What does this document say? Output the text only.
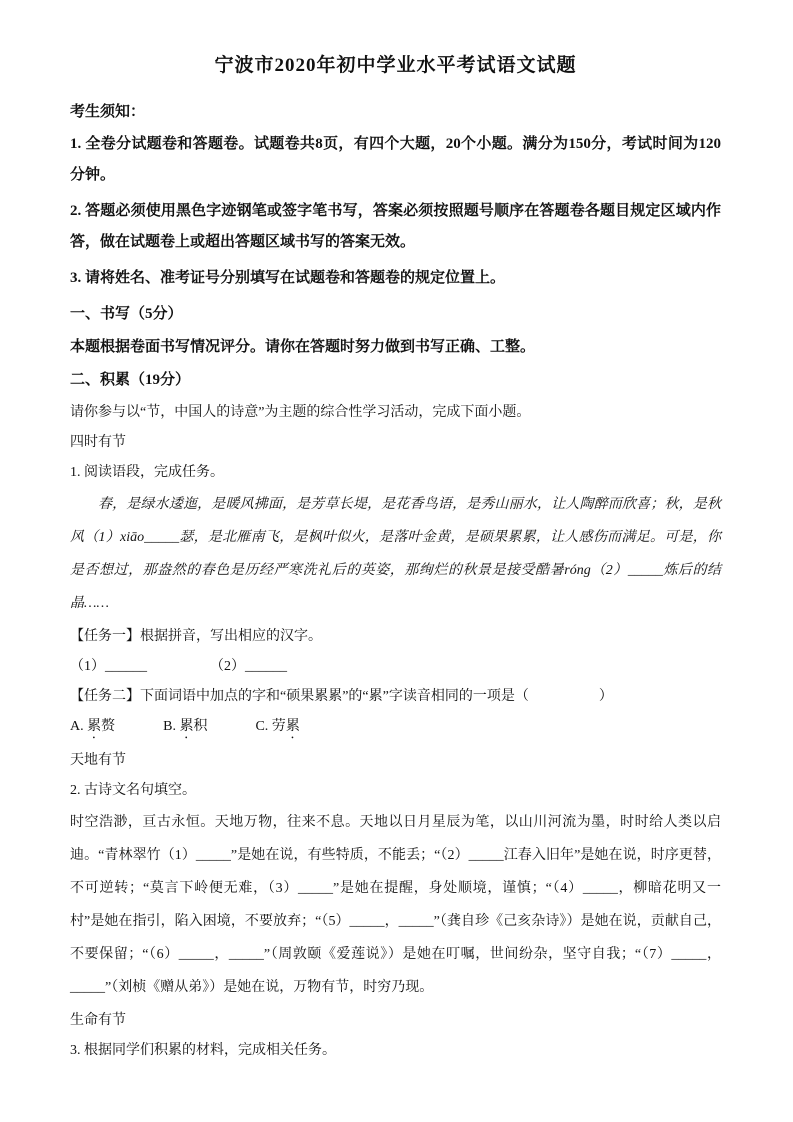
宁波市2020年初中学业水平考试语文试题

考生须知：

1. 全卷分试题卷和答题卷。试题卷共8页，有四个大题，20个小题。满分为150分，考试时间为120分钟。

2. 答题必须使用黑色字迹钢笔或签字笔书写，答案必须按照题号顺序在答题卷各题目规定区域内作答，做在试题卷上或超出答题区域书写的答案无效。

3. 请将姓名、准考证号分别填写在试题卷和答题卷的规定位置上。

一、书写（5分）

本题根据卷面书写情况评分。请你在答题时努力做到书写正确、工整。

二、积累（19分）

请你参与以“节，中国人的诗意”为主题的综合性学习活动，完成下面小题。

四时有节

1. 阅读语段，完成任务。

春，是绿水逶迤，是暖风拂面，是芳草长堤，是花香鸟语，是秀山丽水，让人陶醉而欣喜；秋，是秋风（1）xiāo_____瑟，是北雁南飞，是枫叶似火，是落叶金黄，是硕果累累，让人感伤而满足。可是，你是否想过，那盎然的春色是历经严寒洗礼后的英姿，那绚烂的秋景是接受酷暑róng（2）_____炼后的结晶……

【任务一】根据拼音，写出相应的汉字。

（1）______　　　　　（2）______

【任务二】下面词语中加点的字和“硕果累累”的“累”字读音相同的一项是（　　　　　）

A. 累赘	B. 累积	C. 劳累

天地有节

2. 古诗文名句填空。

时空浩渺，亘古永恒。天地万物，往来不息。天地以日月星辰为笔，以山川河流为墨，时时给人类以启迪。“青林翠竹（1）_____”是她在说，有些特质，不能丢；“（2）_____江春入旧年”是她在说，时序更替，不可逆转；“莫言下岭便无难，（3）_____”是她在提醒，身处顺境，谨慎；“（4）_____，柳暗花明又一村”是她在指引，陷入困境，不要放弃；“（5）_____，_____”（龚自珍《己亥杂诗》）是她在说，贡献自己，不要保留；“（6）_____，_____”（周敦颐《爱莲说》）是她在叮嘱，世间纷杂，坚守自我；“（7）_____，_____”（刘桢《赠从弟》）是她在说，万物有节，时穷乃现。

生命有节

3. 根据同学们积累的材料，完成相关任务。
